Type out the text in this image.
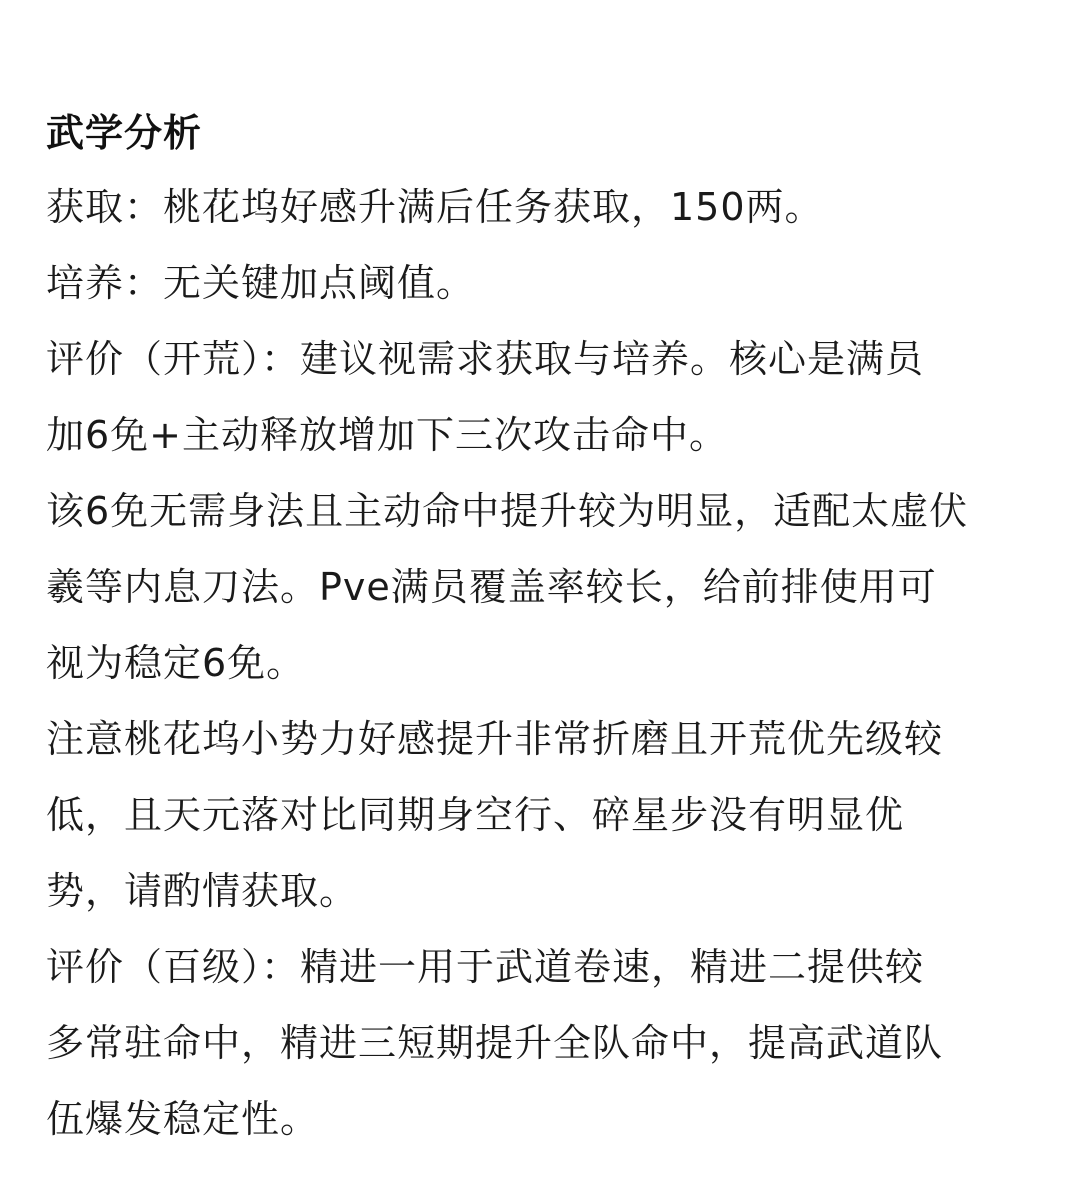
武学分析
获取：桃花坞好感升满后任务获取，150两。
培养：无关键加点阈值。
评价（开荒）：建议视需求获取与培养。核心是满员
加6免+主动释放增加下三次攻击命中。
该6免无需身法且主动命中提升较为明显，适配太虚伏
羲等内息刀法。Pve满员覆盖率较长，给前排使用可
视为稳定6免。
注意桃花坞小势力好感提升非常折磨且开荒优先级较
低，且天元落对比同期身空行、碎星步没有明显优
势，请酌情获取。
评价（百级）：精进一用于武道卷速，精进二提供较
多常驻命中，精进三短期提升全队命中，提高武道队
伍爆发稳定性。
